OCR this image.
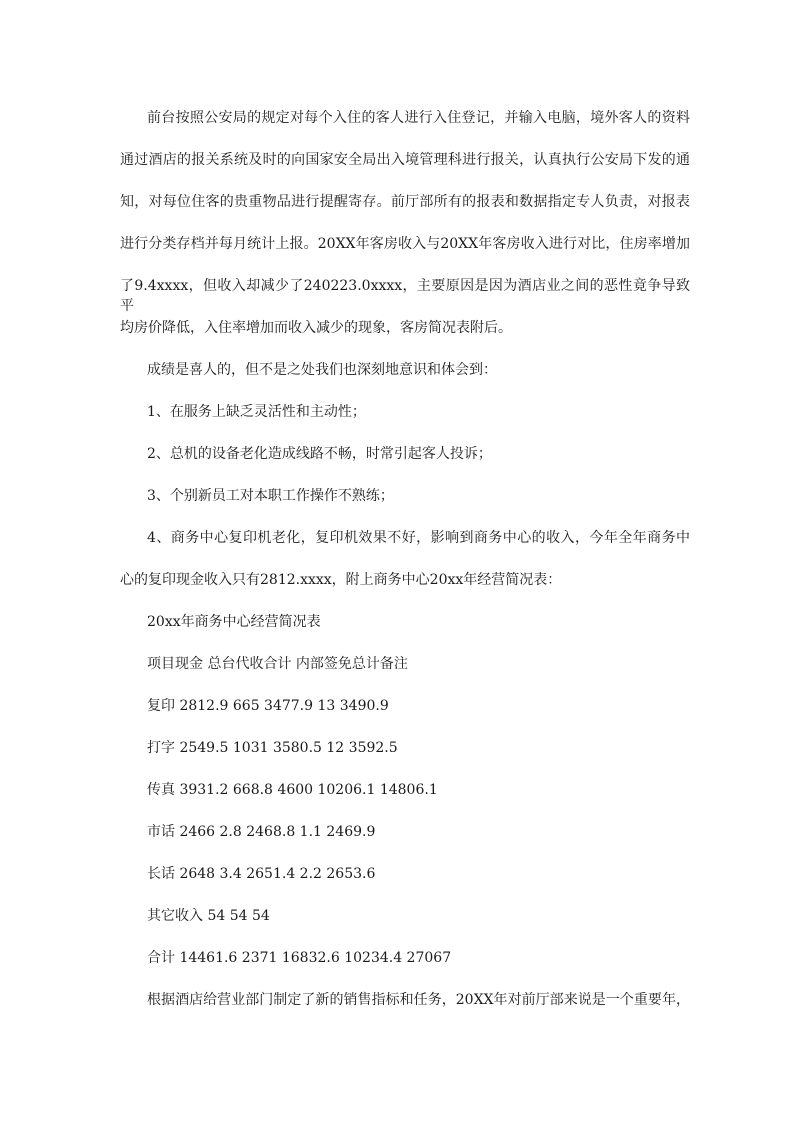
前台按照公安局的规定对每个入住的客人进行入住登记，并输入电脑，境外客人的资料
通过酒店的报关系统及时的向国家安全局出入境管理科进行报关，认真执行公安局下发的通
知，对每位住客的贵重物品进行提醒寄存。前厅部所有的报表和数据指定专人负责，对报表
进行分类存档并每月统计上报。20XX年客房收入与20XX年客房收入进行对比，住房率增加
了9.4xxxx，但收入却减少了240223.0xxxx，主要原因是因为酒店业之间的恶性竟争导致平
均房价降低，入住率增加而收入减少的现象，客房简况表附后。
成绩是喜人的，但不是之处我们也深刻地意识和体会到：
1、在服务上缺乏灵活性和主动性；
2、总机的设备老化造成线路不畅，时常引起客人投诉；
3、个别新员工对本职工作操作不熟练；
4、商务中心复印机老化，复印机效果不好，影响到商务中心的收入，今年全年商务中
心的复印现金收入只有2812.xxxx，附上商务中心20xx年经营简况表：
20xx年商务中心经营简况表
项目现金 总台代收合计 内部签免总计备注
复印 2812.9 665 3477.9 13 3490.9
打字 2549.5 1031 3580.5 12 3592.5
传真 3931.2 668.8 4600 10206.1 14806.1
市话 2466 2.8 2468.8 1.1 2469.9
长话 2648 3.4 2651.4 2.2 2653.6
其它收入 54 54 54
合计 14461.6 2371 16832.6 10234.4 27067
根据酒店给营业部门制定了新的销售指标和任务，20XX年对前厅部来说是一个重要年，
